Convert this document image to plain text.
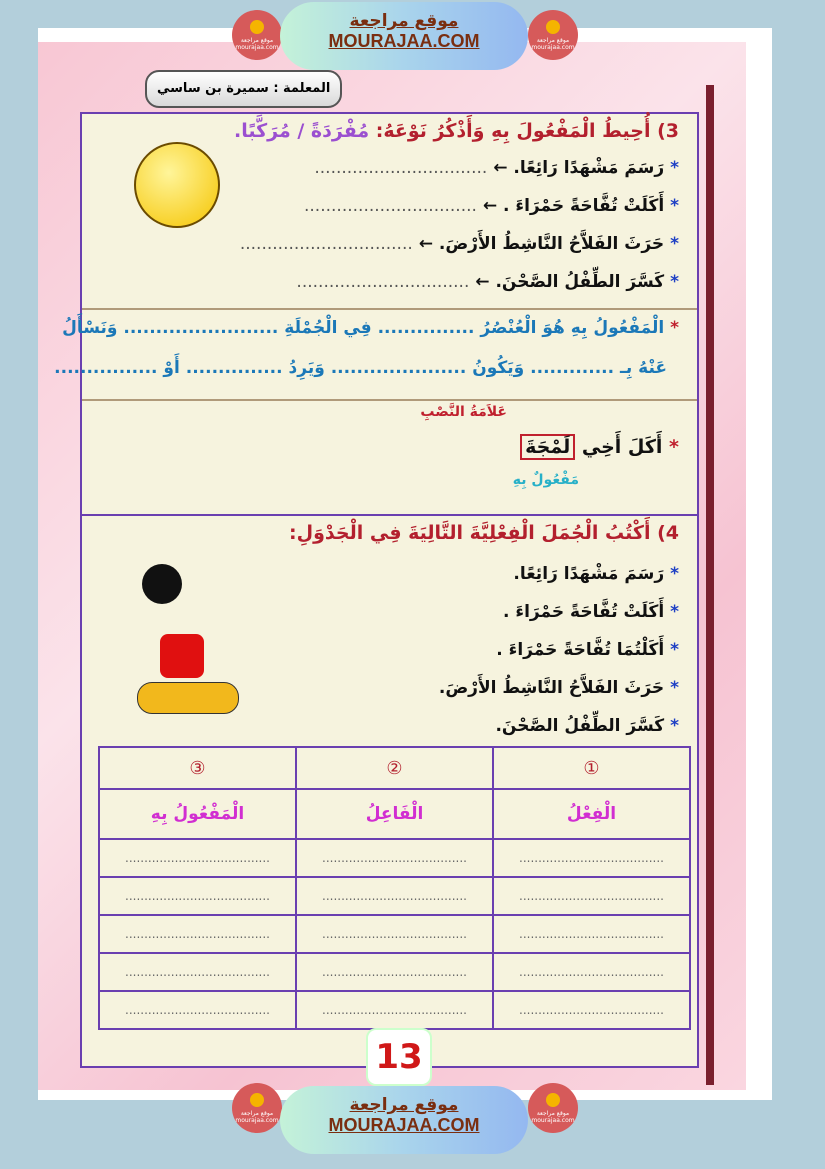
موقع مراجعة mourajaa.com
موقع مراجعة mourajaa.com
موقع مراجعة
MOURAJAA.COM
المعلمة : سميرة بن ساسي
3) أُحِيطُ الْمَفْعُولَ بِهِ وَأَذْكُرُ نَوْعَهُ: مُفْرَدَةً / مُرَكَّبًا.
* رَسَمَ مَشْهَدًا رَائِعًا. ← ................................
* أَكَلَتْ تُفَّاحَةً حَمْرَاءَ . ← ................................
* حَرَثَ الفَلاَّحُ النَّاشِطُ الأَرْضَ. ← ................................
* كَسَّرَ الطِّفْلُ الصَّحْنَ. ← ................................
* الْمَفْعُولُ بِهِ هُوَ الْعُنْصُرُ ............... فِي الْجُمْلَةِ ........................ وَنَسْأَلُ
عَنْهُ بِـ ............. وَيَكُونُ ..................... وَيَرِدُ ............... أَوْ ................
عَلاَمَةُ النَّصْبِ
* أَكَلَ أَخِي لَمْجَةَ
مَفْعُولٌ بِهِ
4) أَكْتُبُ الْجُمَلَ الْفِعْلِيَّةَ التَّالِيَةَ فِي الْجَدْوَلِ:
* رَسَمَ مَشْهَدًا رَائِعًا.
* أَكَلَتْ تُفَّاحَةً حَمْرَاءَ .
* أَكَلْتُمَا تُفَّاحَةً حَمْرَاءَ .
* حَرَثَ الفَلاَّحُ النَّاشِطُ الأَرْضَ.
* كَسَّرَ الطِّفْلُ الصَّحْنَ.
③	②	①
الْمَفْعُولُ بِهِ	الْفَاعِلُ	الْفِعْلُ
......................................	......................................	......................................
......................................	......................................	......................................
......................................	......................................	......................................
......................................	......................................	......................................
......................................	......................................	......................................
13
موقع مراجعة mourajaa.com
موقع مراجعة mourajaa.com
موقع مراجعة
MOURAJAA.COM
